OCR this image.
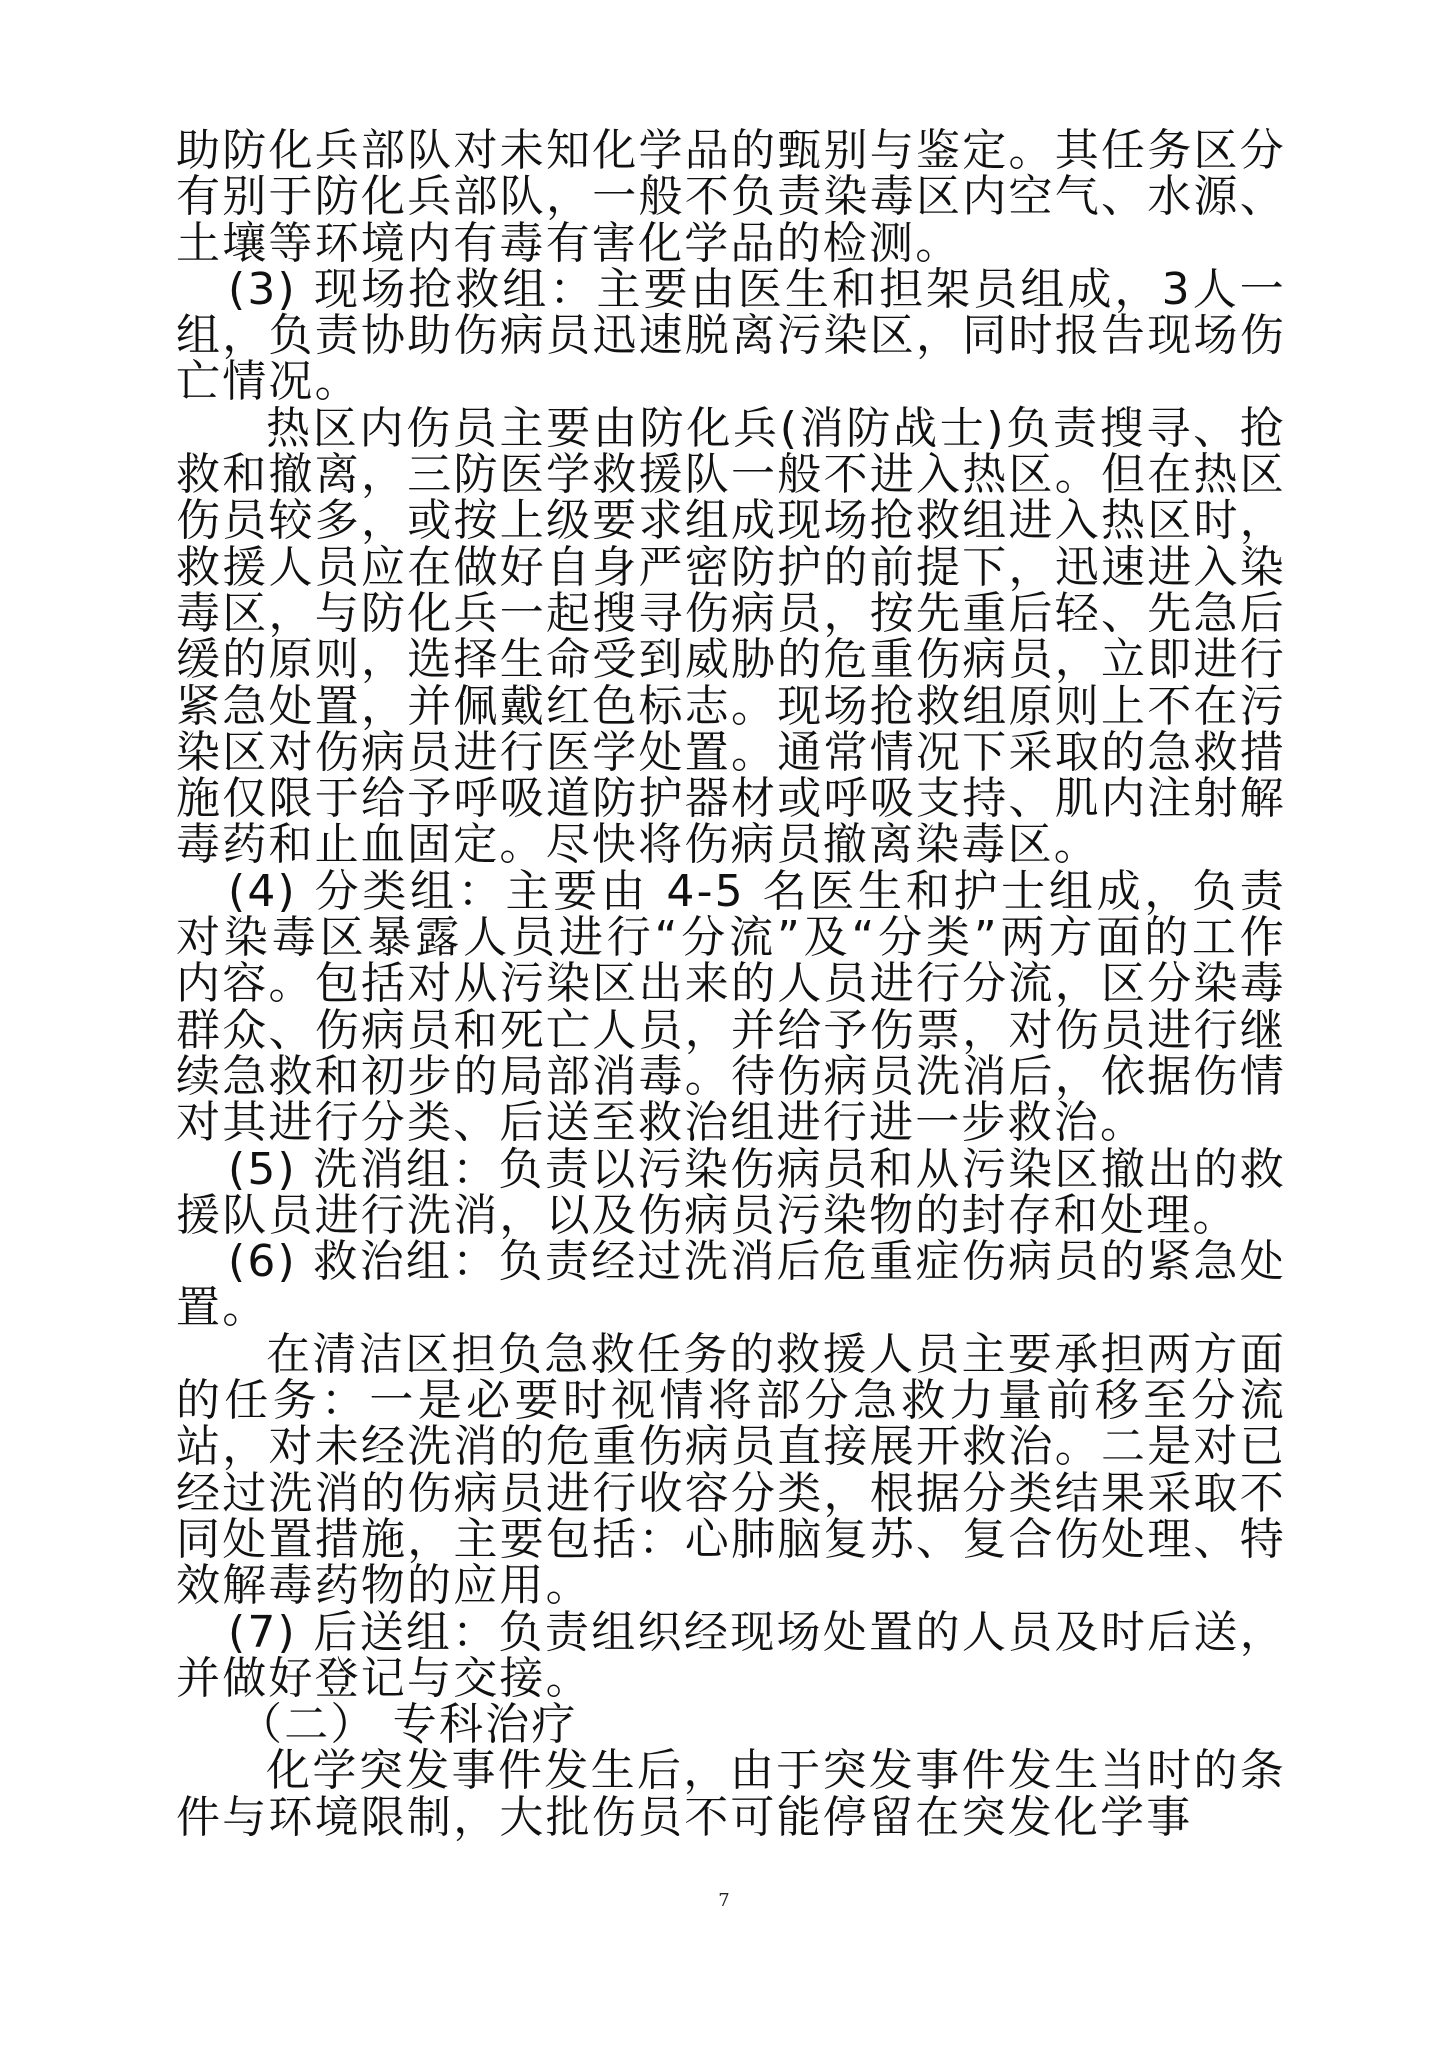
助防化兵部队对未知化学品的甄别与鉴定。其任务区分有别于防化兵部队，一般不负责染毒区内空气、水源、土壤等环境内有毒有害化学品的检测。

(3) 现场抢救组：主要由医生和担架员组成，3人一组，负责协助伤病员迅速脱离污染区，同时报告现场伤亡情况。

热区内伤员主要由防化兵(消防战士)负责搜寻、抢救和撤离，三防医学救援队一般不进入热区。但在热区伤员较多，或按上级要求组成现场抢救组进入热区时，救援人员应在做好自身严密防护的前提下，迅速进入染毒区，与防化兵一起搜寻伤病员，按先重后轻、先急后缓的原则，选择生命受到威胁的危重伤病员，立即进行紧急处置，并佩戴红色标志。现场抢救组原则上不在污染区对伤病员进行医学处置。通常情况下采取的急救措施仅限于给予呼吸道防护器材或呼吸支持、肌内注射解毒药和止血固定。尽快将伤病员撤离染毒区。

(4) 分类组：主要由 4-5 名医生和护士组成，负责对染毒区暴露人员进行“分流”及“分类”两方面的工作内容。包括对从污染区出来的人员进行分流，区分染毒群众、伤病员和死亡人员，并给予伤票，对伤员进行继续急救和初步的局部消毒。待伤病员洗消后，依据伤情对其进行分类、后送至救治组进行进一步救治。

(5) 洗消组：负责以污染伤病员和从污染区撤出的救援队员进行洗消，以及伤病员污染物的封存和处理。

(6) 救治组：负责经过洗消后危重症伤病员的紧急处置。

在清洁区担负急救任务的救援人员主要承担两方面的任务：一是必要时视情将部分急救力量前移至分流站，对未经洗消的危重伤病员直接展开救治。二是对已经过洗消的伤病员进行收容分类，根据分类结果采取不同处置措施，主要包括：心肺脑复苏、复合伤处理、特效解毒药物的应用。

(7) 后送组：负责组织经现场处置的人员及时后送，并做好登记与交接。

（二） 专科治疗

化学突发事件发生后，由于突发事件发生当时的条件与环境限制，大批伤员不可能停留在突发化学事

7
